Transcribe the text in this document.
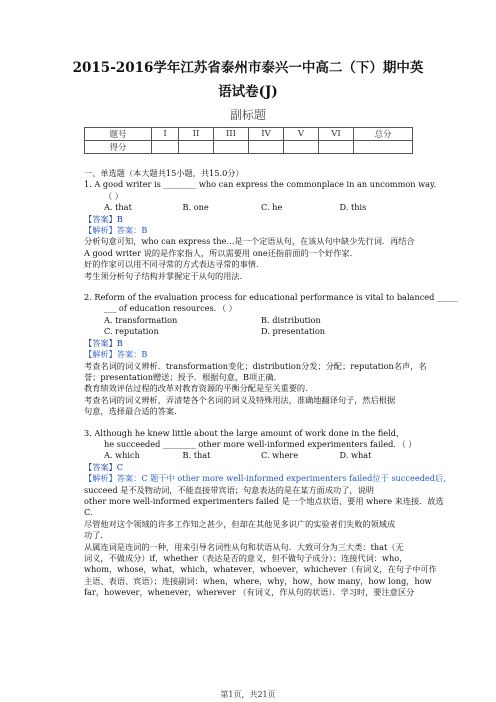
2015-2016学年江苏省泰州市泰兴一中高二（下）期中英
语试卷(J)
副标题
题号	I	II	III	IV	V	VI	总分
得分							

一、单选题（本大题共15小题，共15.0分）

1. A good writer is ________ who can express the commonplace in an uncommon way.

（ ）

A. that	B. one	C. he	D. this

【答案】B

【解析】答案：B

分析句意可知，who can express the…是一个定语从句，在该从句中缺少先行词．再结合

A good writer 说的是作家指人，所以需要用 one还指前面的一个好作家.

好的作家可以用不同寻常的方式表达寻常的事情.

考生须分析句子结构并掌握定于从句的用法.

2. Reform of the evaluation process for educational performance is vital to balanced _____

___ of education resources．（ ）

A. transformation	B. distribution
C. reputation	D. presentation

【答案】B

【解析】答案：B

考查名词的词义辨析．transformation变化；distribution分发；分配；reputation名声，名

誉；presentation赠送；授予．根据句意，B项正确．

教育绩效评估过程的改革对教育资源的平衡分配是至关重要的．

考查名词的词义辨析，弄清楚各个名词的词义及特殊用法，准确地翻译句子，然后根据

句意，选择最合适的答案．

3. Although he knew little about the large amount of work done in the field，

he succeeded ________ other more well-informed experimenters failed．（ ）

A. which	B. that	C. where	D. what

【答案】C

【解析】答案：C 题干中 other more well-informed experimenters failed位于 succeeded后，

succeed 是不及物动词，不能直接带宾语；句意表达的是在某方面成功了，说明

other more well-informed experimenters failed 是一个地点状语，要用 where 来连接．故选

C．

尽管他对这个领域的许多工作知之甚少，但却在其他见多识广的实验者们失败的领域成

功了．

从属连词是连词的一种，用来引导名词性从句和状语从句．大致可分为三大类：that（无

词义，不做成分）if，whether（表达是否的意义，但不做句子成分）；连接代词：who，

whom，whose，what，which，whatever，whoever，whichever（有词义，在句子中可作

主语、表语、宾语）；连接副词：when，where，why，how，how many，how long，how

far，however，whenever，wherever （有词义，作从句的状语）．学习时，要注意区分

第1页，共21页
